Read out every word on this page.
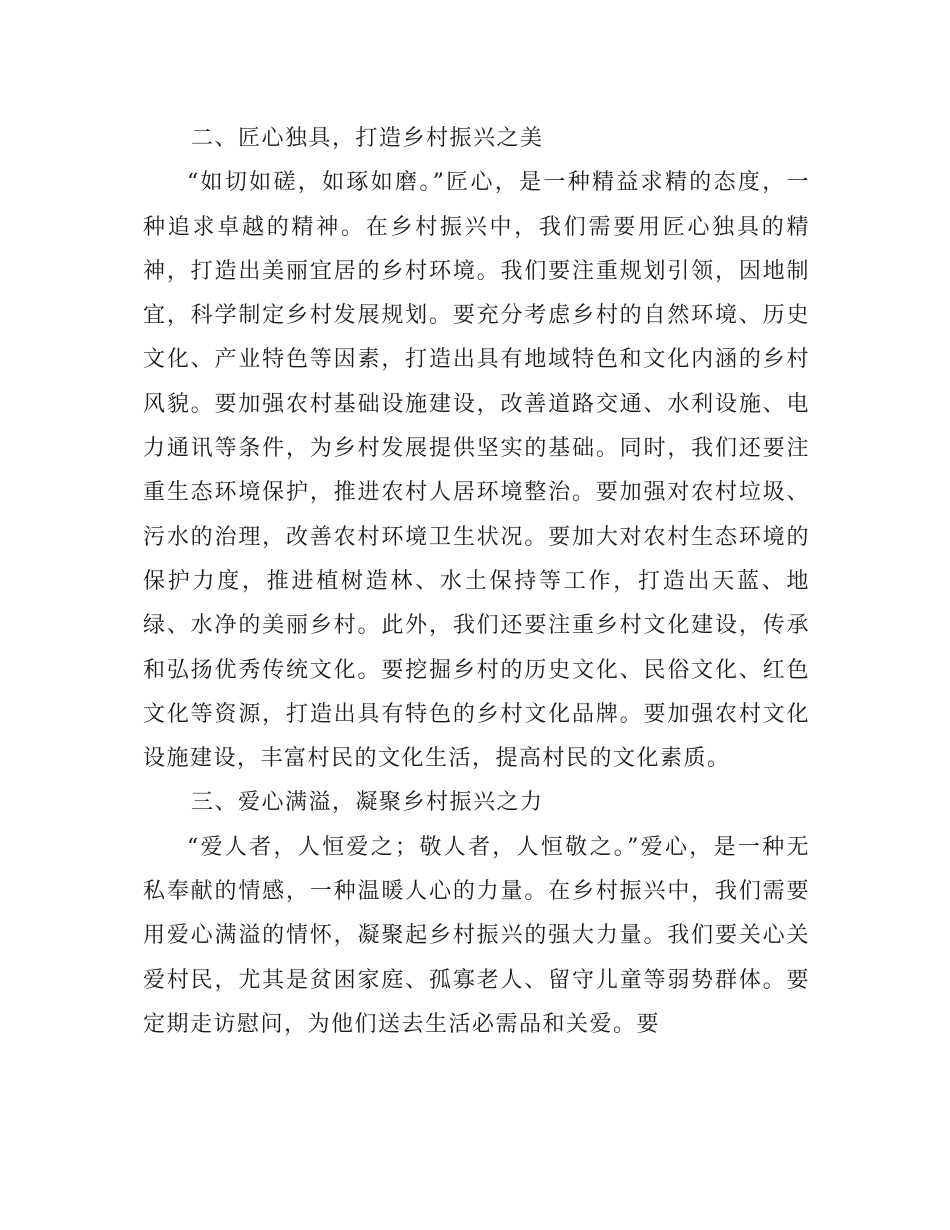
二、匠心独具，打造乡村振兴之美

“如切如磋，如琢如磨。”匠心，是一种精益求精的态度，一种追求卓越的精神。在乡村振兴中，我们需要用匠心独具的精神，打造出美丽宜居的乡村环境。我们要注重规划引领，因地制宜，科学制定乡村发展规划。要充分考虑乡村的自然环境、历史文化、产业特色等因素，打造出具有地域特色和文化内涵的乡村风貌。要加强农村基础设施建设，改善道路交通、水利设施、电力通讯等条件，为乡村发展提供坚实的基础。同时，我们还要注重生态环境保护，推进农村人居环境整治。要加强对农村垃圾、污水的治理，改善农村环境卫生状况。要加大对农村生态环境的保护力度，推进植树造林、水土保持等工作，打造出天蓝、地绿、水净的美丽乡村。此外，我们还要注重乡村文化建设，传承和弘扬优秀传统文化。要挖掘乡村的历史文化、民俗文化、红色文化等资源，打造出具有特色的乡村文化品牌。要加强农村文化设施建设，丰富村民的文化生活，提高村民的文化素质。

三、爱心满溢，凝聚乡村振兴之力

“爱人者，人恒爱之；敬人者，人恒敬之。”爱心，是一种无私奉献的情感，一种温暖人心的力量。在乡村振兴中，我们需要用爱心满溢的情怀，凝聚起乡村振兴的强大力量。我们要关心关爱村民，尤其是贫困家庭、孤寡老人、留守儿童等弱势群体。要定期走访慰问，为他们送去生活必需品和关爱。要
